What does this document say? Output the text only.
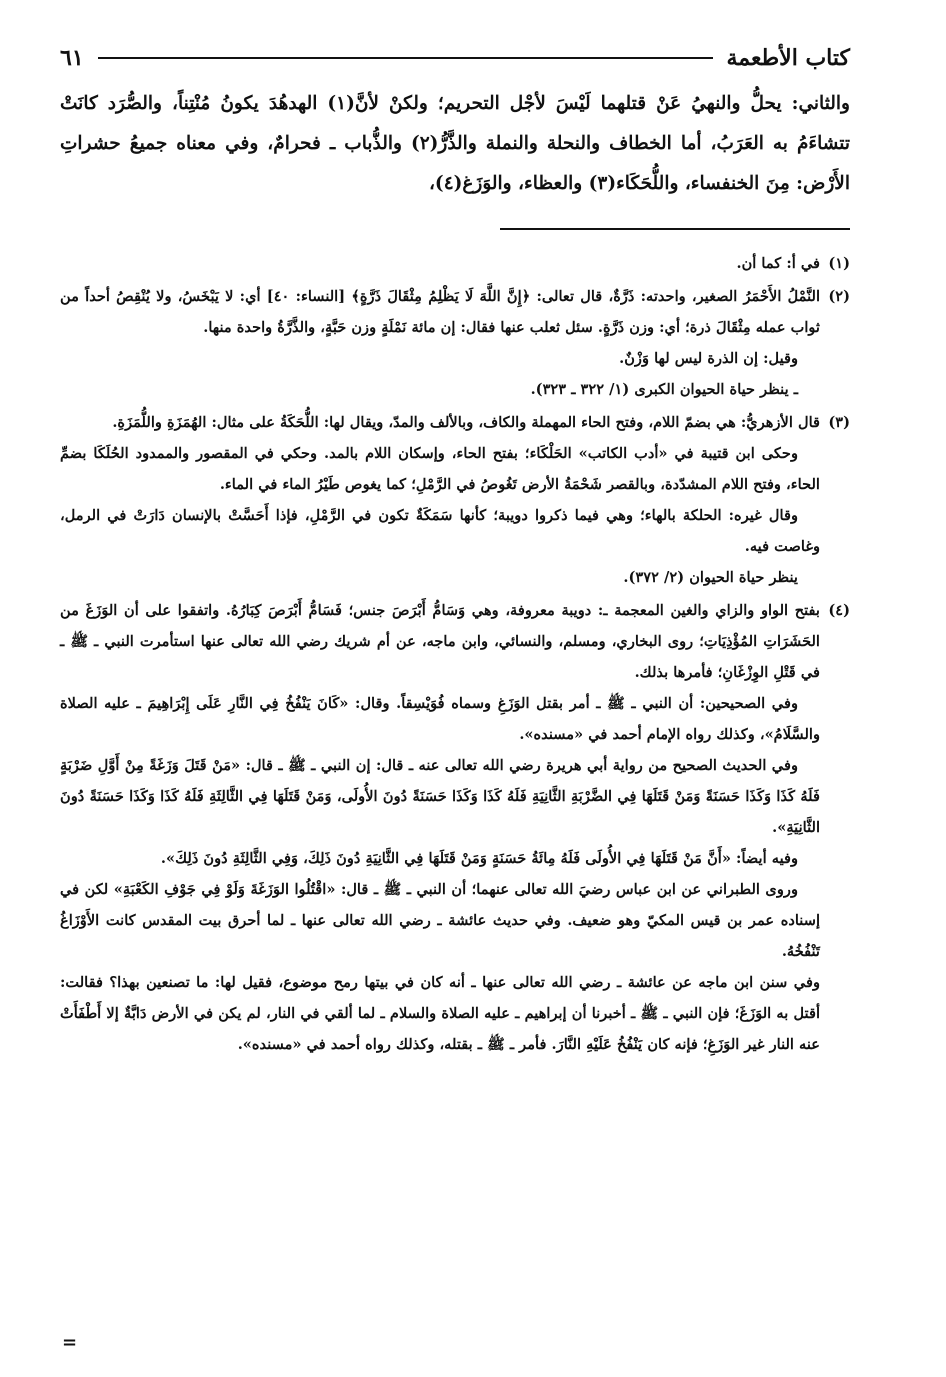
كتاب الأطعمة
٦١

والثاني: يحلُّ والنهيُ عَنْ قتلهما لَيْسَ لأجْل التحريم؛ ولكنْ لأنَّ(١) الهدهُدَ يكونُ مُنْتِناً، والصُّرَد كانَتْ تتشاءَمُ به العَرَبُ، أما الخطاف والنحلة والنملة والذَّرُّ(٢) والذُّباب ـ فحرامٌ، وفي معناه جميعُ حشراتِ الأَرْض: مِنَ الخنفساء، واللُّحَكَاء(٣) والعظاء، والوَزَغ(٤)،

(١)

في أ: كما أن.

(٢)

النَّمْلُ الأَحْمَرُ الصغير، واحدته: ذَرَّةٌ، قال تعالى: ﴿إِنَّ اللَّهَ لَا يَظْلِمُ مِثْقَالَ ذَرَّةٍ﴾ [النساء: ٤٠] أي: لا يَبْخَسُ، ولا يُنْقِصُ أحداً من ثواب عمله مِثْقَالَ ذرة؛ أي: وزن ذَرَّةٍ. سئل ثعلب عنها فقال: إن مائة نَمْلَةٍ وزن حَبَّةٍ، والذَّرَّةُ واحدة منها.

وقيل: إن الذرة ليس لها وَزْنٌ.

ـ ينظر حياة الحيوان الكبرى (١/ ٣٢٢ ـ ٣٢٣).

(٣)

قال الأزهريُّ: هي بضمّ اللام، وفتح الحاء المهملة والكاف، وبالألف والمدّ، ويقال لها: اللُّحَكَةُ على مثال: الهُمَزَةِ واللُّمَزَةِ.

وحكى ابن قتيبة في «أدب الكاتب» الحَلْكَاء؛ بفتح الحاء، وإسكان اللام بالمد. وحكي في المقصور والممدود الحُلَكَا بضمِّ الحاء، وفتح اللام المشدّدة، وبالقصر شَحْمَةُ الأرض تَغُوصُ في الرَّمْلِ؛ كما يغوص طَيْرُ الماء في الماء.

وقال غيره: الحلكة بالهاء؛ وهي فيما ذكروا دويبة؛ كأنها سَمَكَةٌ تكون في الرَّمْلِ، فإذا أَحَسَّتْ بالإنسان دَارَتْ في الرمل، وغاصت فيه.

ينظر حياة الحيوان (٢/ ٣٧٢).

(٤)

بفتح الواو والزاي والغين المعجمة ـ: دويبة معروفة، وهي وَسَامُّ أَبْرَصَ جنس؛ فَسَامُّ أَبْرَصَ كِبَارُهُ. واتفقوا على أن الوَزَغَ من الحَشَرَاتِ المُؤْذِيَاتِ؛ روى البخاري، ومسلم، والنسائي، وابن ماجه، عن أم شريك رضي الله تعالى عنها استأمرت النبي ـ ﷺ ـ في قَتْلِ الوِزْغَانِ؛ فأمرها بذلك.

وفي الصحيحين: أن النبي ـ ﷺ ـ أمر بقتل الوَزَغِ وسماه فُوَيْسِقاً. وقال: «كَانَ يَنْفُخُ فِي النَّارِ عَلَى إِبْرَاهِيمَ ـ عليه الصلاة والسَّلَامُ»، وكذلك رواه الإمام أحمد في «مسنده».

وفي الحديث الصحيح من رواية أبي هريرة رضي الله تعالى عنه ـ قال: إن النبي ـ ﷺ ـ قال: «مَنْ قَتَلَ وَزَغَةً مِنْ أَوَّلِ ضَرْبَةٍ فَلَهُ كَذَا وَكَذَا حَسَنَةً وَمَنْ قَتَلَهَا فِي الضَّرْبَةِ الثَّانِيَةِ فَلَهُ كَذَا وَكَذَا حَسَنَةً دُونَ الأُولَى، وَمَنْ قَتَلَهَا فِي الثَّالِثَةِ فَلَهُ كَذَا وَكَذَا حَسَنَةً دُونَ الثَّانِيَةِ».

وفيه أيضاً: «أَنَّ مَنْ قَتَلَهَا فِي الأُولَى فَلَهُ مِائَةُ حَسَنَةٍ وَمَنْ قَتَلَهَا فِي الثَّانِيَةِ دُونَ ذَلِكَ، وَفِي الثَّالِثَةِ دُونَ ذَلِكَ».

وروى الطبراني عن ابن عباس رضيَ الله تعالى عنهما؛ أن النبي ـ ﷺ ـ قال: «اقْتُلُوا الوَزَغَةَ وَلَوْ فِي جَوْفِ الكَعْبَةِ» لكن في إسناده عمر بن قيس المكيّ وهو ضعيف. وفي حديث عائشة ـ رضي الله تعالى عنها ـ لما أحرق بيت المقدس كانت الأَوْزَاغُ تَنْفُخُهُ.

وفي سنن ابن ماجه عن عائشة ـ رضي الله تعالى عنها ـ أنه كان في بيتها رمح موضوع، فقيل لها: ما تصنعين بهذا؟ فقالت: أقتل به الوَزَغَ؛ فإن النبي ـ ﷺ ـ أخبرنا أن إبراهيم ـ عليه الصلاة والسلام ـ لما ألقي في النار، لم يكن في الأرض دَابَّةٌ إلا أَطْفَأَتْ عنه النار غير الوَزَغِ؛ فإنه كان يَنْفُخُ عَلَيْهِ النَّارَ. فأمر ـ ﷺ ـ بقتله، وكذلك رواه أحمد في «مسنده».

=
